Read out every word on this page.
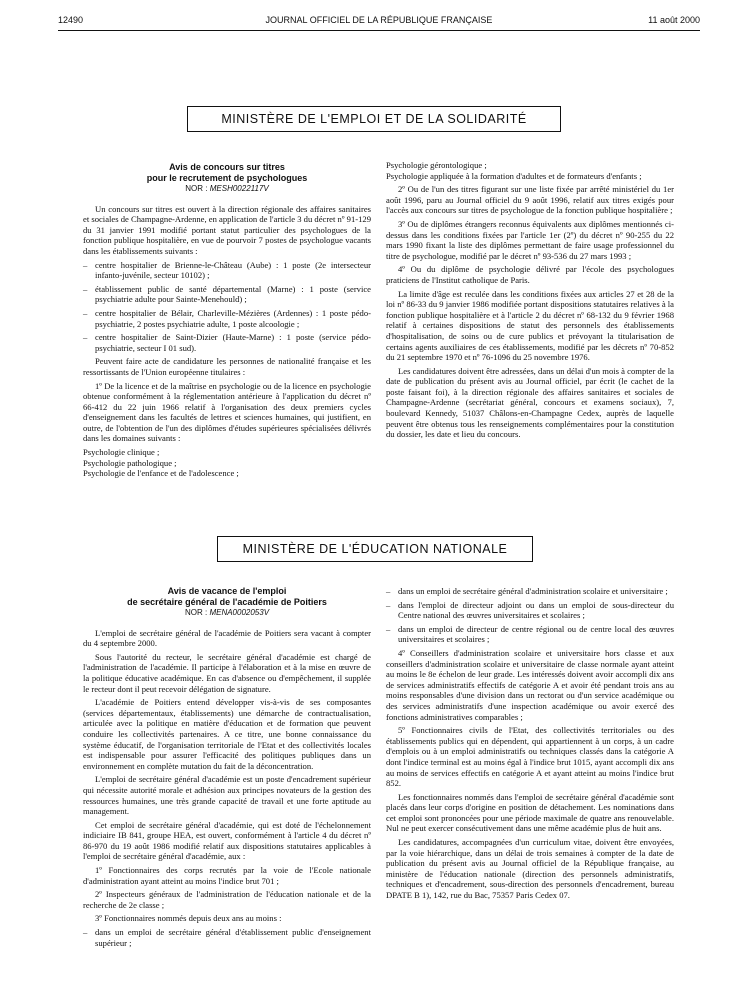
12490	JOURNAL OFFICIEL DE LA RÉPUBLIQUE FRANÇAISE	11 août 2000
MINISTÈRE DE L'EMPLOI ET DE LA SOLIDARITÉ

Avis de concours sur titres

pour le recrutement de psychologues

NOR : MESH0022117V

Un concours sur titres est ouvert à la direction régionale des affaires sanitaires et sociales de Champagne-Ardenne, en application de l'article 3 du décret nº 91-129 du 31 janvier 1991 modifié portant statut particulier des psychologues de la fonction publique hospitalière, en vue de pourvoir 7 postes de psychologue vacants dans les établissements suivants :

– centre hospitalier de Brienne-le-Château (Aube) : 1 poste (2e intersecteur infanto-juvénile, secteur 10102) ;

– établissement public de santé départemental (Marne) : 1 poste (service psychiatrie adulte pour Sainte-Menehould) ;

– centre hospitalier de Bélair, Charleville-Mézières (Ardennes) : 1 poste pédo-psychiatrie, 2 postes psychiatrie adulte, 1 poste alcoologie ;

– centre hospitalier de Saint-Dizier (Haute-Marne) : 1 poste (service pédo-psychiatrie, secteur I 01 sud).

Peuvent faire acte de candidature les personnes de nationalité française et les ressortissants de l'Union européenne titulaires :

1º De la licence et de la maîtrise en psychologie ou de la licence en psychologie obtenue conformément à la réglementation antérieure à l'application du décret nº 66-412 du 22 juin 1966 relatif à l'organisation des deux premiers cycles d'enseignement dans les facultés de lettres et sciences humaines, qui justifient, en outre, de l'obtention de l'un des diplômes d'études supérieures spécialisées délivrés dans les domaines suivants :

Psychologie clinique ;

Psychologie pathologique ;

Psychologie de l'enfance et de l'adolescence ;

Psychologie gérontologique ;

Psychologie appliquée à la formation d'adultes et de formateurs d'enfants ;

2º Ou de l'un des titres figurant sur une liste fixée par arrêté ministériel du 1er août 1996, paru au Journal officiel du 9 août 1996, relatif aux titres exigés pour l'accès aux concours sur titres de psychologue de la fonction publique hospitalière ;

3º Ou de diplômes étrangers reconnus équivalents aux diplômes mentionnés ci-dessus dans les conditions fixées par l'article 1er (2º) du décret nº 90-255 du 22 mars 1990 fixant la liste des diplômes permettant de faire usage professionnel du titre de psychologue, modifié par le décret nº 93-536 du 27 mars 1993 ;

4º Ou du diplôme de psychologie délivré par l'école des psychologues praticiens de l'Institut catholique de Paris.

La limite d'âge est reculée dans les conditions fixées aux articles 27 et 28 de la loi nº 86-33 du 9 janvier 1986 modifiée portant dispositions statutaires relatives à la fonction publique hospitalière et à l'article 2 du décret nº 68-132 du 9 février 1968 relatif à certaines dispositions de statut des personnels des établissements d'hospitalisation, de soins ou de cure publics et prévoyant la titularisation de certains agents auxiliaires de ces établissements, modifié par les décrets nº 70-852 du 21 septembre 1970 et nº 76-1096 du 25 novembre 1976.

Les candidatures doivent être adressées, dans un délai d'un mois à compter de la date de publication du présent avis au Journal officiel, par écrit (le cachet de la poste faisant foi), à la direction régionale des affaires sanitaires et sociales de Champagne-Ardenne (secrétariat général, concours et examens sociaux), 7, boulevard Kennedy, 51037 Châlons-en-Champagne Cedex, auprès de laquelle peuvent être obtenus tous les renseignements complémentaires pour la constitution du dossier, les date et lieu du concours.

MINISTÈRE DE L'ÉDUCATION NATIONALE

Avis de vacance de l'emploi

de secrétaire général de l'académie de Poitiers

NOR : MENA0002053V

L'emploi de secrétaire général de l'académie de Poitiers sera vacant à compter du 4 septembre 2000.

Sous l'autorité du recteur, le secrétaire général d'académie est chargé de l'administration de l'académie. Il participe à l'élaboration et à la mise en œuvre de la politique éducative académique. En cas d'absence ou d'empêchement, il supplée le recteur dont il peut recevoir délégation de signature.

L'académie de Poitiers entend développer vis-à-vis de ses composantes (services départementaux, établissements) une démarche de contractualisation, articulée avec la politique en matière d'éducation et de formation que peuvent conduire les collectivités partenaires. A ce titre, une bonne connaissance du système éducatif, de l'organisation territoriale de l'Etat et des collectivités locales est indispensable pour assurer l'efficacité des politiques publiques dans un environnement en complète mutation du fait de la déconcentration.

L'emploi de secrétaire général d'académie est un poste d'encadrement supérieur qui nécessite autorité morale et adhésion aux principes novateurs de la gestion des ressources humaines, une très grande capacité de travail et une forte aptitude au management.

Cet emploi de secrétaire général d'académie, qui est doté de l'échelonnement indiciaire IB 841, groupe HEA, est ouvert, conformément à l'article 4 du décret nº 86-970 du 19 août 1986 modifié relatif aux dispositions statutaires applicables à l'emploi de secrétaire général d'académie, aux :

1º Fonctionnaires des corps recrutés par la voie de l'Ecole nationale d'administration ayant atteint au moins l'indice brut 701 ;

2º Inspecteurs généraux de l'administration de l'éducation nationale et de la recherche de 2e classe ;

3º Fonctionnaires nommés depuis deux ans au moins :

– dans un emploi de secrétaire général d'établissement public d'enseignement supérieur ;

– dans un emploi de secrétaire général d'administration scolaire et universitaire ;

– dans l'emploi de directeur adjoint ou dans un emploi de sous-directeur du Centre national des œuvres universitaires et scolaires ;

– dans un emploi de directeur de centre régional ou de centre local des œuvres universitaires et scolaires ;

4º Conseillers d'administration scolaire et universitaire hors classe et aux conseillers d'administration scolaire et universitaire de classe normale ayant atteint au moins le 8e échelon de leur grade. Les intéressés doivent avoir accompli dix ans de services administratifs effectifs de catégorie A et avoir été pendant trois ans au moins responsables d'une division dans un rectorat ou d'un service académique ou des services administratifs d'une inspection académique ou avoir exercé des fonctions administratives comparables ;

5º Fonctionnaires civils de l'Etat, des collectivités territoriales ou des établissements publics qui en dépendent, qui appartiennent à un corps, à un cadre d'emplois ou à un emploi administratifs ou techniques classés dans la catégorie A dont l'indice terminal est au moins égal à l'indice brut 1015, ayant accompli dix ans au moins de services effectifs en catégorie A et ayant atteint au moins l'indice brut 852.

Les fonctionnaires nommés dans l'emploi de secrétaire général d'académie sont placés dans leur corps d'origine en position de détachement. Les nominations dans cet emploi sont prononcées pour une période maximale de quatre ans renouvelable. Nul ne peut exercer consécutivement dans une même académie plus de huit ans.

Les candidatures, accompagnées d'un curriculum vitae, doivent être envoyées, par la voie hiérarchique, dans un délai de trois semaines à compter de la date de publication du présent avis au Journal officiel de la République française, au ministère de l'éducation nationale (direction des personnels administratifs, techniques et d'encadrement, sous-direction des personnels d'encadrement, bureau DPATE B 1), 142, rue du Bac, 75357 Paris Cedex 07.
